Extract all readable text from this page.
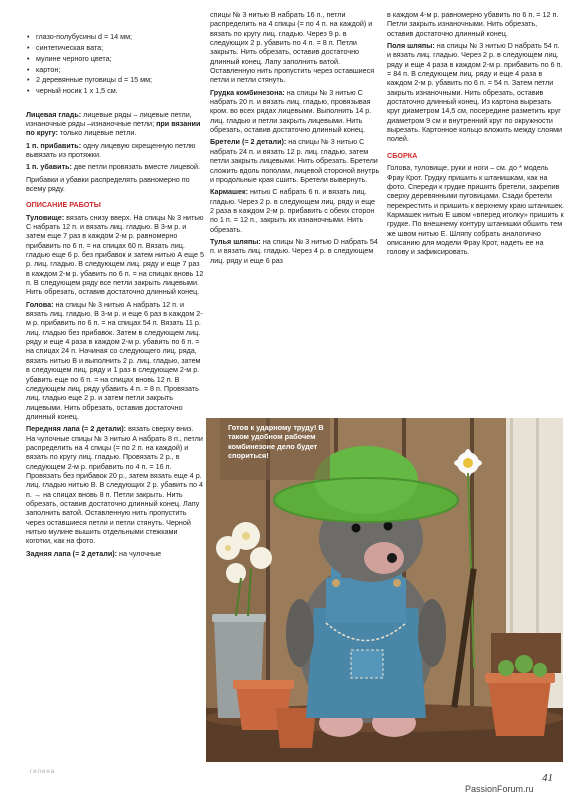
• глазо-полубусины d = 14 мм;
• синтетическая вата;
• мулине черного цвета;
• картон;
• 2 деревянные пуговицы d = 15 мм;
• черный носик 1 х 1,5 см.

Лицевая гладь: лицевые ряды – лицевые петли, изнаночные ряды –изнаночные петли; при вязании по кругу: только лицевые петли.

1 п. прибавить: одну лицевую скрещенную петлю вывязать из протяжки.

1 п. убавить: две петли провязать вместе лицевой.

Прибавки и убавки распределять равномерно по всему ряду.

ОПИСАНИЕ РАБОТЫ

Туловище: вязать снизу вверх. На спицы № 3 нитью С набрать 12 п. и вязать лиц. гладью. В 3-м р. и затем еще 7 раз в каждом 2-м р. равномерно прибавить по 6 п. = на спицах 60 п. Вязать лиц. гладью еще 6 р. без прибавок и затем нитью А еще 5 р. лиц. гладью. В следующем лиц. ряду и еще 7 раз в каждом 2-м р. убавить по 6 п. = на спицах вновь 12 п. В следующем ряду все петли закрыть лицевыми. Нить обрезать, оставив достаточно длинный конец.

Голова: на спицы № 3 нитью А набрать 12 п. и вязать лиц. гладью. В 3-м р. и еще 6 раз в каждом 2-м р. прибавить по 6 п. = на спицах 54 п. Вязать 11 р. лиц. гладью без прибавок. Затем в следующем лиц. ряду и еще 4 раза в каждом 2-м р. убавить по 6 п. = на спицах 24 п. Начиная со следующего лиц. ряда, вязать нитью В и выполнить 2 р. лиц. гладью, затем в следующем лиц. ряду и 1 раз в следующем 2-м р. убавить еще по 6 п. = на спицах вновь 12 п. В следующем лиц. ряду убавить 4 п. = 8 п. Провязать лиц. гладью еще 2 р. и затем петли закрыть лицевыми. Нить обрезать, оставив достаточно длинный конец.

Передняя лапа (= 2 детали): вязать сверху вниз. На чулочные спицы № 3 нитью А набрать 8 п., петли распределить на 4 спицы (= по 2 п. на каждой) и вязать по кругу лиц. гладью. Провязать 2 р., в следующем 2-м р. прибавить по 4 п. = 16 п. Провязать без прибавок 20 р., затем вязать еще 4 р. лиц. гладью нитью В. В следующих 2 р. убавить по 4 п. → на спицах вновь 8 п. Петли закрыть. Нить обрезать, оставив достаточно длинный конец. Лапу заполнить ватой. Оставленную нить пропустить через оставшиеся петли и петли стянуть. Черной нитью мулине вышить отдельными стежками коготки, как на фото.

Задняя лапа (= 2 детали): на чулочные

спицы № 3 нитью В набрать 16 п., петли распределить на 4 спицы (= по 4 п. на каждой) и вязать по кругу лиц. гладью. Через 9 р. в следующих 2 р. убавить по 4 п. = 8 п. Петли закрыть. Нить обрезать, оставив достаточно длинный конец. Лапу заполнить ватой. Оставленную нить пропустить через оставшиеся петли и петли стянуть.

Грудка комбинезона: на спицы № 3 нитью С набрать 20 п. и вязать лиц. гладью, провязывая кром. во всех рядах лицевыми. Выполнить 14 р. лиц. гладью и петли закрыть лицевыми. Нить обрезать, оставив достаточно длинный конец.

Бретели (= 2 детали): на спицы № 3 нитью С набрать 24 п. и вязать 12 р. лиц. гладью, затем петли закрыть лицевыми. Нить обрезать. Бретели сложить вдоль пополам, лицевой стороной внутрь и продольные края сшить. Бретели вывернуть.

Кармашек: нитью С набрать 6 п. и вязать лиц. гладью. Через 2 р. в следующем лиц. ряду и еще 2 раза в каждом 2-м р. прибавить с обеих сторон по 1 п. = 12 п., закрыть их изнаночными. Нить обрезать.

Тулья шляпы: на спицы № 3 нитью D набрать 54 п. и вязать лиц. гладью. Через 4 р. в следующем лиц. ряду и еще 6 раз

в каждом 4-м р. равномерно убавить по 6 п. = 12 п. Петли закрыть изнаночными. Нить обрезать, оставив достаточно длинный конец.

Поля шляпы: на спицы № 3 нитью D набрать 54 п. и вязать лиц. гладью. Через 2 р. в следующем лиц. ряду и еще 4 раза в каждом 2-м р. прибавить по 6 п. = 84 п. В следующем лиц. ряду и еще 4 раза в каждом 2-м р. убавить по 6 п. = 54 п. Затем петли закрыть изнаночными. Нить обрезать, оставив достаточно длинный конец. Из картона вырезать круг диаметром 14,5 см, посередине разметить круг диаметром 9 см и внутренний круг по окружности вырезать. Картонное кольцо вложить между слоями полей.

СБОРКА

Голова, туловище, руки и ноги – см. до * модель Фрау Крот. Грудку пришить к штанишкам, как на фото. Спереди к грудке пришить бретели, закрепив сверху деревянными пуговицами. Сзади бретели перекрестить и пришить к верхнему краю штанишек. Кармашек нитью Е швом «вперед иголку» пришить к грудке. По внешнему контуру штанишки обшить тем же швом нитью Е. Шляпу собрать аналогично описанию для модели Фрау Крот, надеть ее на голову и зафиксировать.

Готов к ударному труду! В таком удобном рабочем комбинезоне дело будет спориться!
гилена	41
PassionForum.ru
